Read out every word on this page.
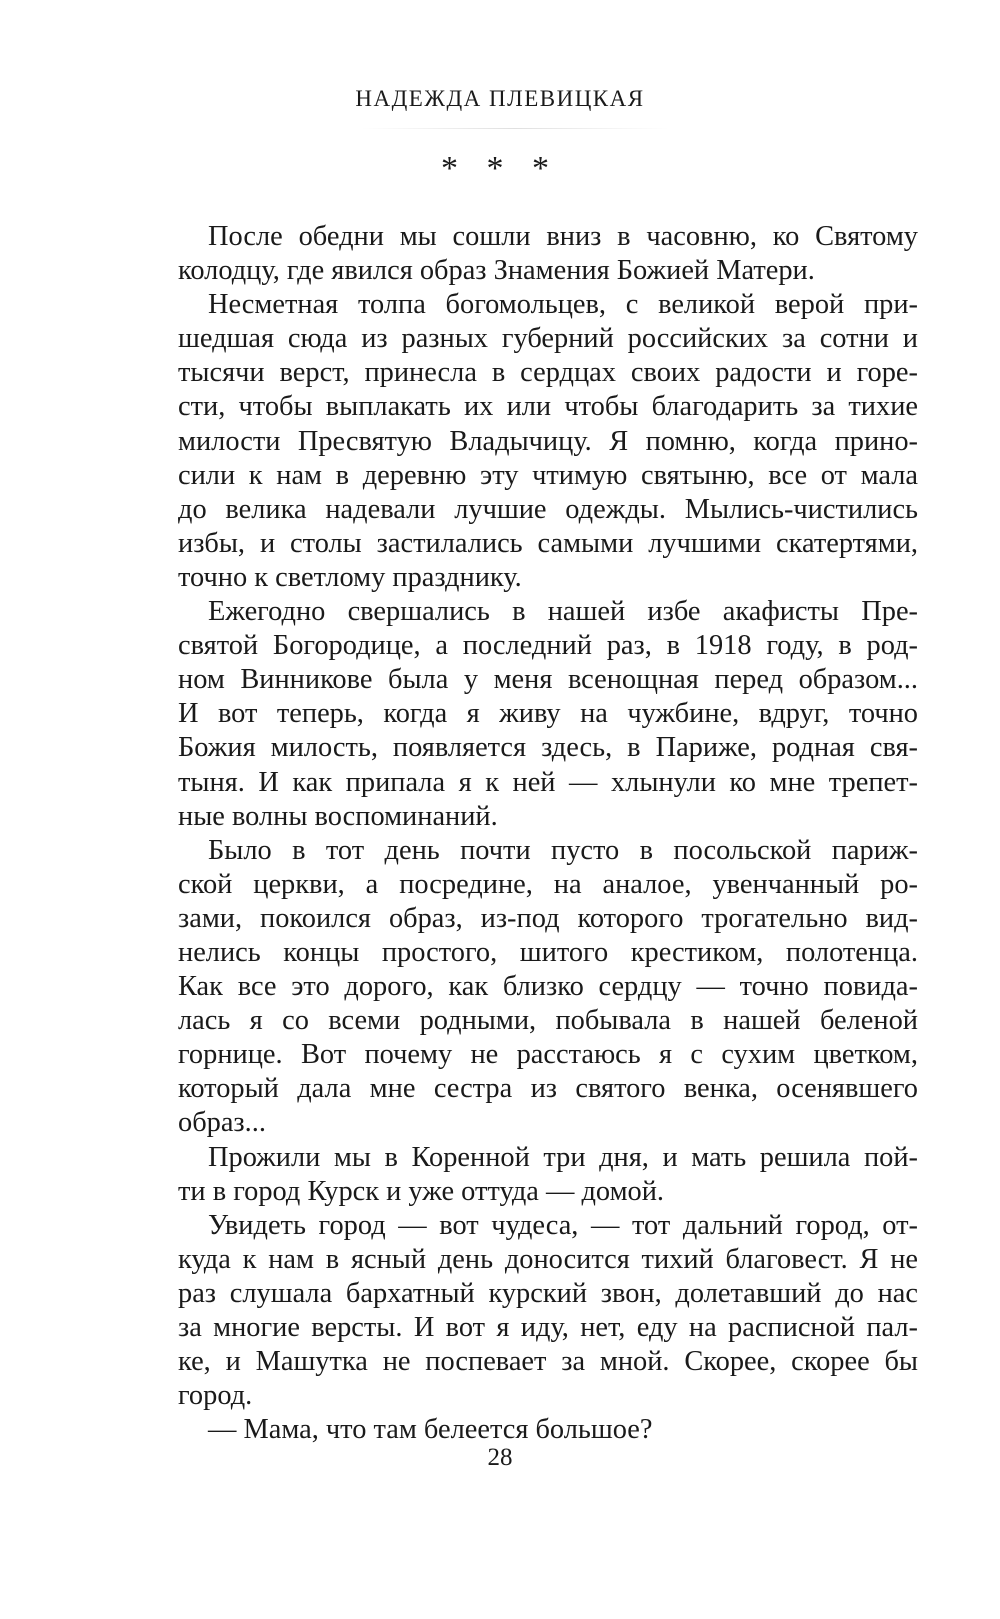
НАДЕЖДА ПЛЕВИЦКАЯ
* * *
После обедни мы сошли вниз в часовню, ко Святому
колодцу, где явился образ Знамения Божией Матери.
Несметная толпа богомольцев, с великой верой при-
шедшая сюда из разных губерний российских за сотни и
тысячи верст, принесла в сердцах своих радости и горе-
сти, чтобы выплакать их или чтобы благодарить за тихие
милости Пресвятую Владычицу. Я помню, когда прино-
сили к нам в деревню эту чтимую святыню, все от мала
до велика надевали лучшие одежды. Мылись-чистились
избы, и столы застилались самыми лучшими скатертями,
точно к светлому празднику.
Ежегодно свершались в нашей избе акафисты Пре-
святой Богородице, а последний раз, в 1918 году, в род-
ном Винникове была у меня всенощная перед образом...
И вот теперь, когда я живу на чужбине, вдруг, точно
Божия милость, появляется здесь, в Париже, родная свя-
тыня. И как припала я к ней — хлынули ко мне трепет-
ные волны воспоминаний.
Было в тот день почти пусто в посольской париж-
ской церкви, а посредине, на аналое, увенчанный ро-
зами, покоился образ, из-под которого трогательно вид-
нелись концы простого, шитого крестиком, полотенца.
Как все это дорого, как близко сердцу — точно повида-
лась я со всеми родными, побывала в нашей беленой
горнице. Вот почему не расстаюсь я с сухим цветком,
который дала мне сестра из святого венка, осенявшего
образ...
Прожили мы в Коренной три дня, и мать решила пой-
ти в город Курск и уже оттуда — домой.
Увидеть город — вот чудеса, — тот дальний город, от-
куда к нам в ясный день доносится тихий благовест. Я не
раз слушала бархатный курский звон, долетавший до нас
за многие версты. И вот я иду, нет, еду на расписной пал-
ке, и Машутка не поспевает за мной. Скорее, скорее бы
город.
— Мама, что там белеется большое?
28
